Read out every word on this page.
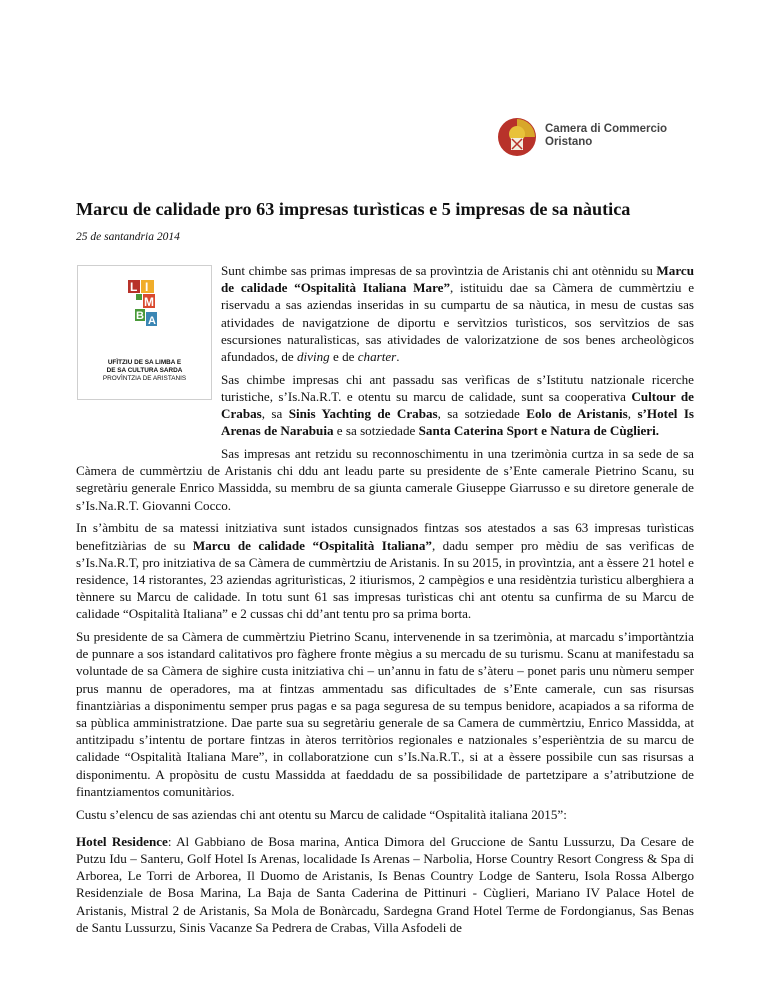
Camera di Commercio
Oristano
Marcu de calidade pro 63 impresas turìsticas e 5 impresas de sa nàutica
25 de santandria 2014
L I
M
B A
UFÌTZIU DE SA LIMBA E
DE SA CULTURA SARDA
PROVÌNTZIA DE ARISTANIS

Sunt chimbe sas primas impresas de sa provìntzia de Aristanis chi ant otènnidu su Marcu de calidade “Ospitalità Italiana Mare”, istituidu dae sa Càmera de cummèrtziu e riservadu a sas aziendas inseridas in su cumpartu de sa nàutica, in mesu de custas sas atividades de navigatzione de diportu e servìtzios turìsticos, sos servìtzios de sas escursiones naturalìsticas, sas atividades de valorizatzione de sos benes archeològicos afundados, de diving e de charter.

Sas chimbe impresas chi ant passadu sas verìficas de s’Istitutu natzionale ricerche turistiche, s’Is.Na.R.T. e otentu su marcu de calidade, sunt sa cooperativa Cultour de Crabas, sa Sinis Yachting de Crabas, sa sotziedade Eolo de Aristanis, s’Hotel Is Arenas de Narabuia e sa sotziedade Santa Caterina Sport e Natura de Cùglieri.

Sas impresas ant retzidu su reconnoschimentu in una tzerimònia curtza in sa sede de sa Càmera de cummèrtziu de Aristanis chi ddu ant leadu parte su presidente de s’Ente camerale Pietrino Scanu, su segretàriu generale Enrico Massidda, su membru de sa giunta camerale Giuseppe Giarrusso e su diretore generale de s’Is.Na.R.T. Giovanni Cocco.

In s’àmbitu de sa matessi initziativa sunt istados cunsignados fintzas sos atestados a sas 63 impresas turìsticas benefitziàrias de su Marcu de calidade “Ospitalità Italiana”, dadu semper pro mèdiu de sas verìficas de s’Is.Na.R.T, pro initziativa de sa Càmera de cummèrtziu de Aristanis. In su 2015, in provìntzia, ant a èssere 21 hotel e residence, 14 ristorantes, 23 aziendas agriturìsticas, 2 itiurismos, 2 campègios e una residèntzia turìsticu alberghiera a tènnere su Marcu de calidade. In totu sunt 61 sas impresas turìsticas chi ant otentu sa cunfirma de su Marcu de calidade “Ospitalità Italiana” e 2 cussas chi dd’ant tentu pro sa prima borta.

Su presidente de sa Càmera de cummèrtziu Pietrino Scanu, intervenende in sa tzerimònia, at marcadu s’importàntzia de punnare a sos istandard calitativos pro fàghere fronte mègius a su mercadu de su turismu. Scanu at manifestadu sa voluntade de sa Càmera de sighire custa initziativa chi – un’annu in fatu de s’àteru – ponet paris unu nùmeru semper prus mannu de operadores, ma at fintzas ammentadu sas dificultades de s’Ente camerale, cun sas risursas finantziàrias a disponimentu semper prus pagas e sa paga seguresa de su tempus benidore, acapiados a sa riforma de sa pùblica amministratzione. Dae parte sua su segretàriu generale de sa Camera de cummèrtziu, Enrico Massidda, at antitzipadu s’intentu de portare fintzas in àteros territòrios regionales e natzionales s’esperièntzia de su marcu de calidade “Ospitalità Italiana Mare”, in collaboratzione cun s’Is.Na.R.T., si at a èssere possibile cun sas risursas a disponimentu. A propòsitu de custu Massidda at faeddadu de sa possibilidade de partetzipare a s’atributzione de finantziamentos comunitàrios.

Custu s’elencu de sas aziendas chi ant otentu su Marcu de calidade “Ospitalità italiana 2015”:

Hotel Residence: Al Gabbiano de Bosa marina, Antica Dimora del Gruccione de Santu Lussurzu, Da Cesare de Putzu Idu – Santeru, Golf Hotel Is Arenas, localidade Is Arenas – Narbolia, Horse Country Resort Congress & Spa di Arborea, Le Torri de Arborea, Il Duomo de Aristanis, Is Benas Country Lodge de Santeru, Isola Rossa Albergo Residenziale de Bosa Marina, La Baja de Santa Caderina de Pittinuri - Cùglieri, Mariano IV Palace Hotel de Aristanis, Mistral 2 de Aristanis, Sa Mola de Bonàrcadu, Sardegna Grand Hotel Terme de Fordongianus, Sas Benas de Santu Lussurzu, Sinis Vacanze Sa Pedrera de Crabas, Villa Asfodeli de
